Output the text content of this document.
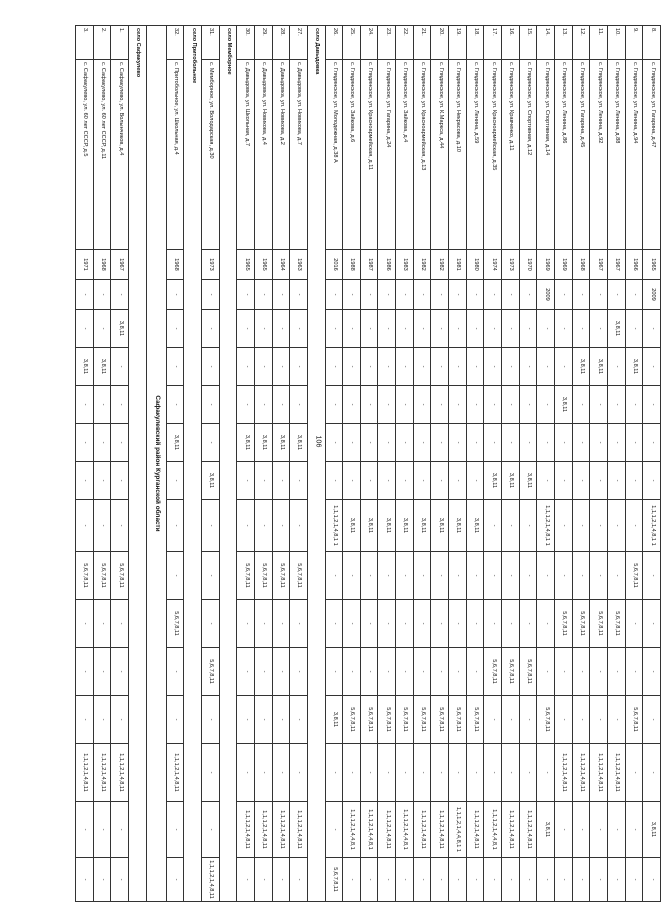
106
8.	с. Глядянское, ул. Гагарина, д.47	1965	2009	-	-	-	-	-	1,1,1,2,1,4,8,1 1	-	-	-	-	-	3,8,11	-
9.	с. Глядянское, ул. Ленина, д.94	1966	-	-	3,8,11	-	-	-	-	5,6,7,8,11	-	-	5,6,7,8,11	-	-	-
10.	с. Глядянское, ул. Ленина, д.88	1967	-	3,8,11	-	-	-	-	-	-	5,6,7,8,11	-	-	1,1,1,2,1,4,8,11	-	-
11.	с. Глядянское, ул. Ленина, д.92	1967	-	-	3,8,11	-	-	-	-	-	5,6,7,8,11	-	-	1,1,1,2,1,4,8,11	-	-
12.	с. Глядянское, ул. Гагарина, д.45	1968	-	-	3,8,11	-	-	-	-	-	5,6,7,8,11	-	-	1,1,1,2,1,4,8,11	-	-
13.	с. Глядянское, ул. Ленина, д.86	1969	-	-	-	3,8,11	-	-	-	-	5,6,7,8,11	-	-	1,1,1,2,1,4,8,11	-	-
14.	с. Глядянское, ул. Спортивная, д.14	1969	2009	-	-	-	-	-	1,1,1,2,1,4,8,1 1	-	-	-	5,6,7,8,11	-	3,8,11	-
15.	с. Глядянское, ул. Спортивная, д.12	1970	-	-	-	-	-	3,8,11	-	-	-	5,6,7,8,11	-	-	1,1,1,2,1,4,8,11	-
16.	с. Глядянское, ул. Кравченко, д.11	1973	-	-	-	-	-	3,8,11	-	-	-	5,6,7,8,11	-	-	1,1,1,2,1,4,8,11	-
17.	с. Глядянское, ул. Красноармейская, д.35	1974	-	-	-	-	-	3,8,11	-	-	-	5,6,7,8,11	-	-	1,1,1,2,1,4,4,8,1	-
18.	с. Глядянское, ул. Ленина, д.59	1980	-	-	-	-	-	-	3,8,11	-	-	-	5,6,7,8,11	-	1,1,1,2,1,4,8,11	-
19.	с. Глядянское, ул. Некрасова, д.10	1981	-	-	-	-	-	-	3,8,11	-	-	-	5,6,7,8,11	-	1,1,1,2,1,4,4,8,1 1	-
20.	с. Глядянское, ул. К.Маркса, д.44	1982	-	-	-	-	-	-	3,8,11	-	-	-	5,6,7,8,11	-	1,1,1,2,1,4,8,11	-
21.	с. Глядянское, ул. Красноармейская, д.13	1982	-	-	-	-	-	-	3,8,11	-	-	-	5,6,7,8,11	-	1,1,1,2,1,4,8,11	-
22.	с. Глядянское, ул. Зайкова, д.4	1983	-	-	-	-	-	-	3,8,11	-	-	-	5,6,7,8,11	-	1,1,1,2,1,4,4,8,1	-
23.	с. Глядянское, ул. Гагарина, д.24	1986	-	-	-	-	-	-	3,8,11	-	-	-	5,6,7,8,11	-	1,1,1,2,1,4,8,11	-
24.	с. Глядянское, ул. Красноармейская, д.11	1987	-	-	-	-	-	-	3,8,11	-	-	-	5,6,7,8,11	-	1,1,1,2,1,4,4,8,1	-
25.	с. Глядянское, ул. Зайкова, д.6	1988	-	-	-	-	-	-	3,8,11	-	-	-	5,6,7,8,11	-	1,1,1,2,1,4,4,8,1	-
26.	с. Глядянское, ул. Молодежная, д.38 А	2016	-	-	-	-	-	-	1,1,1,2,1,4,8,1 1	-	-	-	3,8,11	-	-	5,6,7,8,11
село Давыдовка																
27.	с. Давыдовка, ул. Новикова, д.7	1963	-	-	-	-	3,8,11	-	-	5,6,7,8,11	-	-	-	-	1,1,1,2,1,4,8,11	-
28.	с. Давыдовка, ул. Новикова, д.2	1964	-	-	-	-	3,8,11	-	-	5,6,7,8,11	-	-	-	-	1,1,1,2,1,4,8,11	-
29.	с. Давыдовка, ул. Новикова, д.4	1965	-	-	-	-	3,8,11	-	-	5,6,7,8,11	-	-	-	-	1,1,1,2,1,4,8,11	-
30.	с. Давыдовка, ул. Школьная, д.7	1965	-	-	-	-	3,8,11	-	-	5,6,7,8,11	-	-	-	-	1,1,1,2,1,4,8,11	-
село Мемборное																
31.	с. Мемборное, ул. Володарская, д.30	1973	-	-	-	-	-	3,8,11	-	-	-	5,6,7,8,11	-	-	-	1,1,1,2,1,4,8,11
село Притобольное																
32.	с. Притобольное, ул. Школьная, д.4	1968	-	-	-	-	3,8,11	-	-	-	5,6,7,8,11	-	-	1,1,1,2,1,4,8,11	-	-
Сафакулевский район Курганской области																
село Сафакулево																
1.	с. Сафакулево, ул. Волынчиков, д.4	1967	-	3,8,11	-	-	-	-	-	5,6,7,8,11	-	-	-	1,1,1,2,1,4,8,11	-	-
2.	с. Сафакулево, ул. 60 лет СССР, д.11	1968	-	-	3,8,11	-	-	-	-	5,6,7,8,11	-	-	-	1,1,1,2,1,4,8,11	-	-
3.	с. Сафакулево, ул. 60 лет СССР, д.5	1971	-	-	3,8,11	-	-	-	-	5,6,7,8,11	-	-	-	1,1,1,2,1,4,8,11	-	-
